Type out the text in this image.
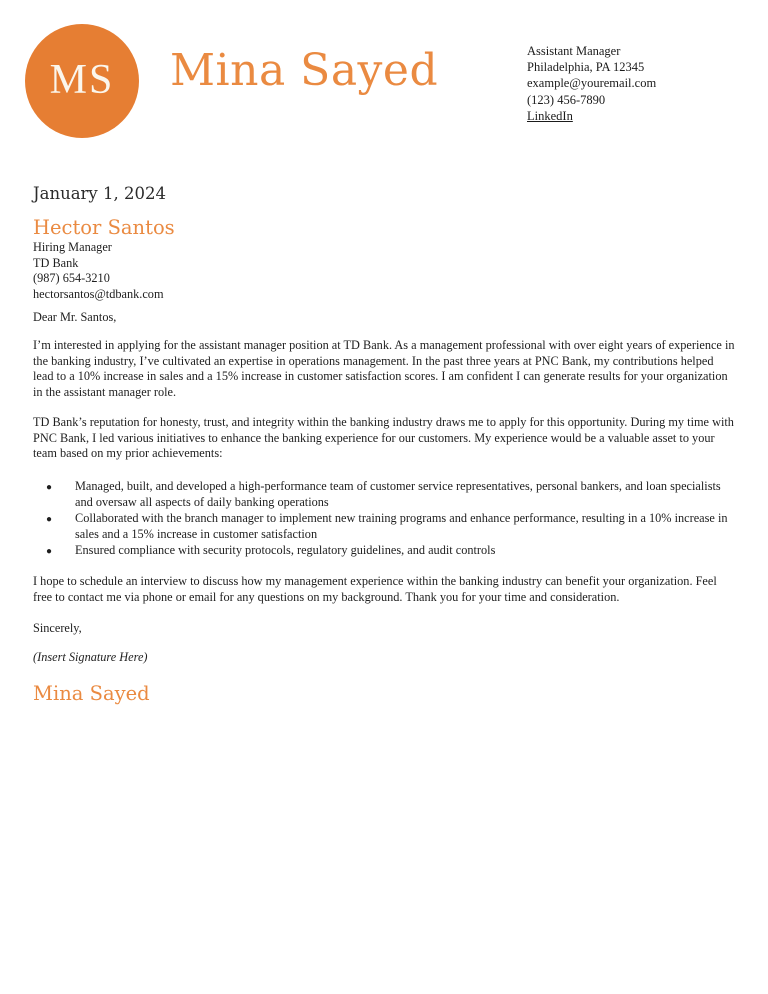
MS Mina Sayed	Assistant Manager
Philadelphia, PA 12345
example@youremail.com
(123) 456-7890
LinkedIn
January 1, 2024
Hector Santos
Hiring Manager
TD Bank
(987) 654-3210
hectorsantos@tdbank.com
Dear Mr. Santos,
I’m interested in applying for the assistant manager position at TD Bank. As a management professional with over eight years of experience in the banking industry, I’ve cultivated an expertise in operations management. In the past three years at PNC Bank, my contributions helped lead to a 10% increase in sales and a 15% increase in customer satisfaction scores. I am confident I can generate results for your organization in the assistant manager role.
TD Bank’s reputation for honesty, trust, and integrity within the banking industry draws me to apply for this opportunity. During my time with PNC Bank, I led various initiatives to enhance the banking experience for our customers. My experience would be a valuable asset to your team based on my prior achievements:
● Managed, built, and developed a high-performance team of customer service representatives, personal bankers, and loan specialists and oversaw all aspects of daily banking operations
● Collaborated with the branch manager to implement new training programs and enhance performance, resulting in a 10% increase in sales and a 15% increase in customer satisfaction
● Ensured compliance with security protocols, regulatory guidelines, and audit controls
I hope to schedule an interview to discuss how my management experience within the banking industry can benefit your organization. Feel free to contact me via phone or email for any questions on my background. Thank you for your time and consideration.
Sincerely,
(Insert Signature Here)
Mina Sayed
